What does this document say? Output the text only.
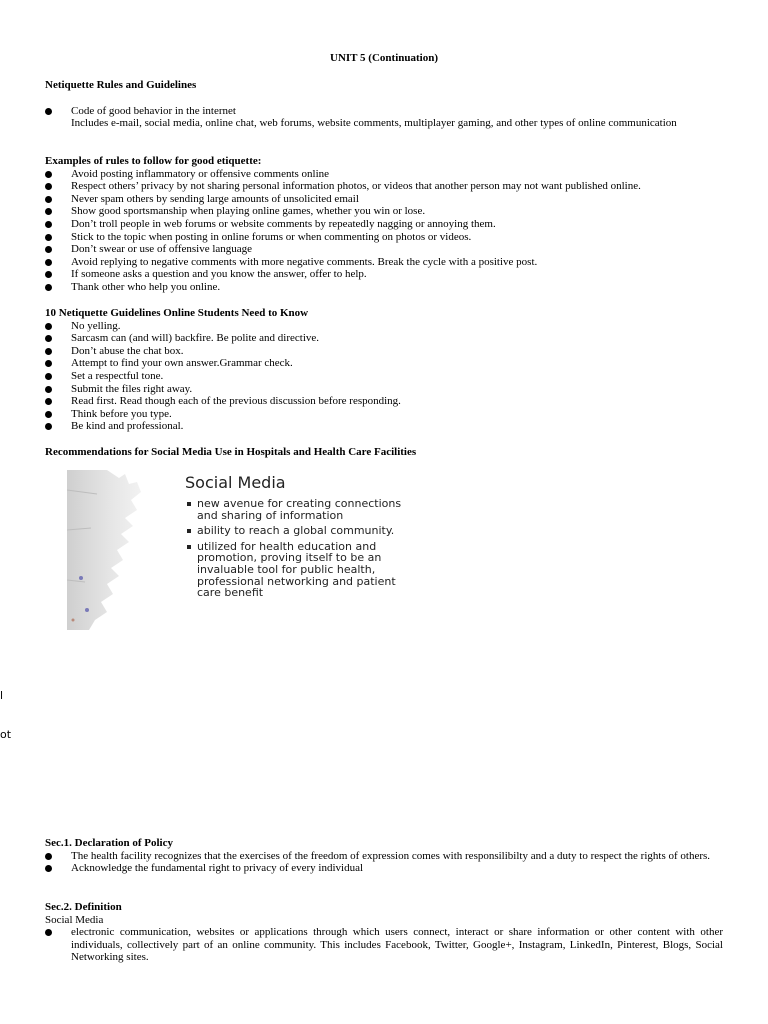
UNIT 5 (Continuation)
Netiquette Rules and Guidelines
Code of good behavior in the internet
Includes e-mail, social media, online chat, web forums, website comments, multiplayer gaming, and other types of online communication
Examples of rules to follow for good etiquette:
Avoid posting inflammatory or offensive comments online
Respect others’ privacy by not sharing personal information photos, or videos that another person may not want published online.
Never spam others by sending large amounts of unsolicited email
Show good sportsmanship when playing online games, whether you win or lose.
Don’t troll people in web forums or website comments by repeatedly nagging or annoying them.
Stick to the topic when posting in online forums or when commenting on photos or videos.
Don’t swear or use of offensive language
Avoid replying to negative comments with more negative comments. Break the cycle with a positive post.
If someone asks a question and you know the answer, offer to help.
Thank other who help you online.
10 Netiquette Guidelines Online Students Need to Know
No yelling.
Sarcasm can (and will) backfire. Be polite and directive.
Don’t abuse the chat box.
Attempt to find your own answer.Grammar check.
Set a respectful tone.
Submit the files right away.
Read first. Read though each of the previous discussion before responding.
Think before you type.
Be kind and professional.
Recommendations for Social Media Use in Hospitals and Health Care Facilities
Social Media
new avenue for creating connections and sharing of information
ability to reach a global community.
utilized for health education and promotion, proving itself to be an invaluable tool for public health, professional networking and patient care benefit
l
ot
Sec.1. Declaration of Policy
The health facility recognizes that the exercises of the freedom of expression comes with responsilibilty and a duty to respect the rights of others.
Acknowledge the fundamental right to privacy of every individual
Sec.2. Definition
Social Media
electronic communication, websites or applications through which users connect, interact or share information or other content with other individuals, collectively part of an online community. This includes Facebook, Twitter, Google+, Instagram, LinkedIn, Pinterest, Blogs, Social Networking sites.
